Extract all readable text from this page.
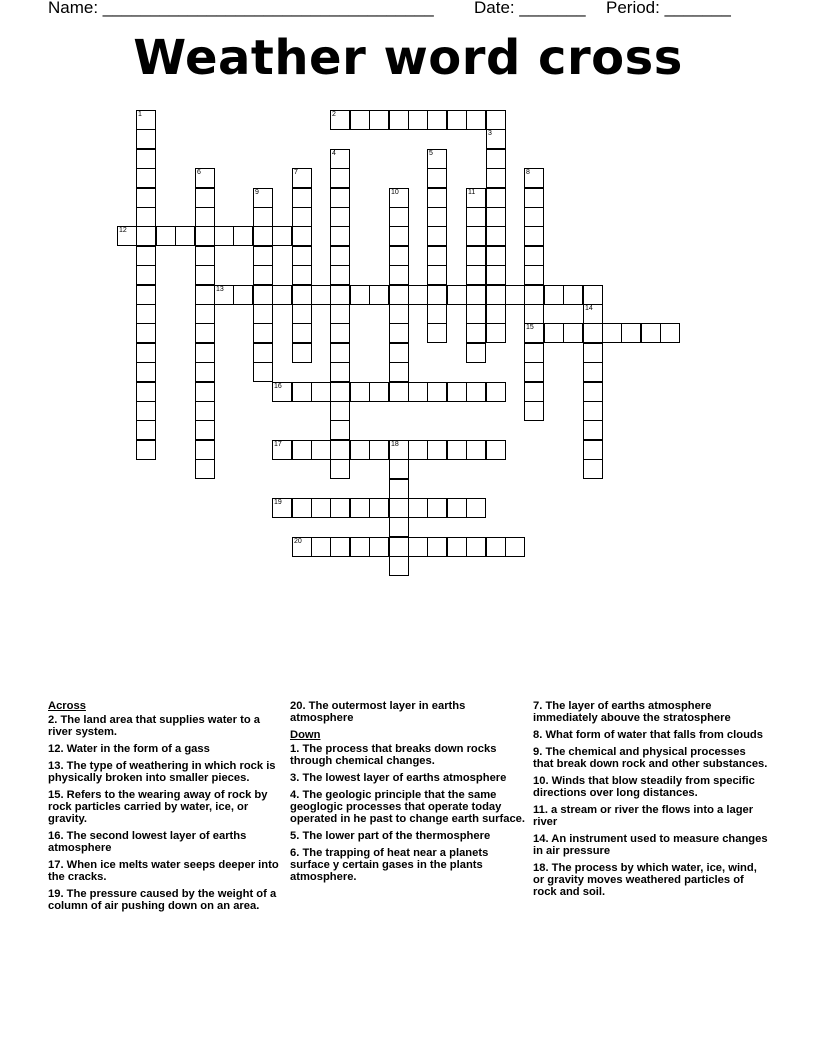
Name: ___________________________________ Date: _______ Period: _______
Weather word cross
1	2
3
4	5
6	7	8
15
9	10	11
12
13
14
16
17	18
19
20
Across
2. The land area that supplies water to a river system.
12. Water in the form of a gass
13. The type of weathering in which rock is physically broken into smaller pieces.
15. Refers to the wearing away of rock by rock particles carried by water, ice, or gravity.
16. The second lowest layer of earths atmosphere
17. When ice melts water seeps deeper into the cracks.
19. The pressure caused by the weight of a column of air pushing down on an area.
20. The outermost layer in earths atmosphere
Down
1. The process that breaks down rocks through chemical changes.
3. The lowest layer of earths atmosphere
4. The geologic principle that the same geoglogic processes that operate today operated in he past to change earth surface.
5. The lower part of the thermosphere
6. The trapping of heat near a planets surface y certain gases in the plants atmosphere.
7. The layer of earths atmosphere immediately abouve the stratosphere
8. What form of water that falls from clouds
9. The chemical and physical processes that break down rock and other substances.
10. Winds that blow steadily from specific directions over long distances.
11. a stream or river the flows into a lager river
14. An instrument used to measure changes in air pressure
18. The process by which water, ice, wind, or gravity moves weathered particles of rock and soil.
